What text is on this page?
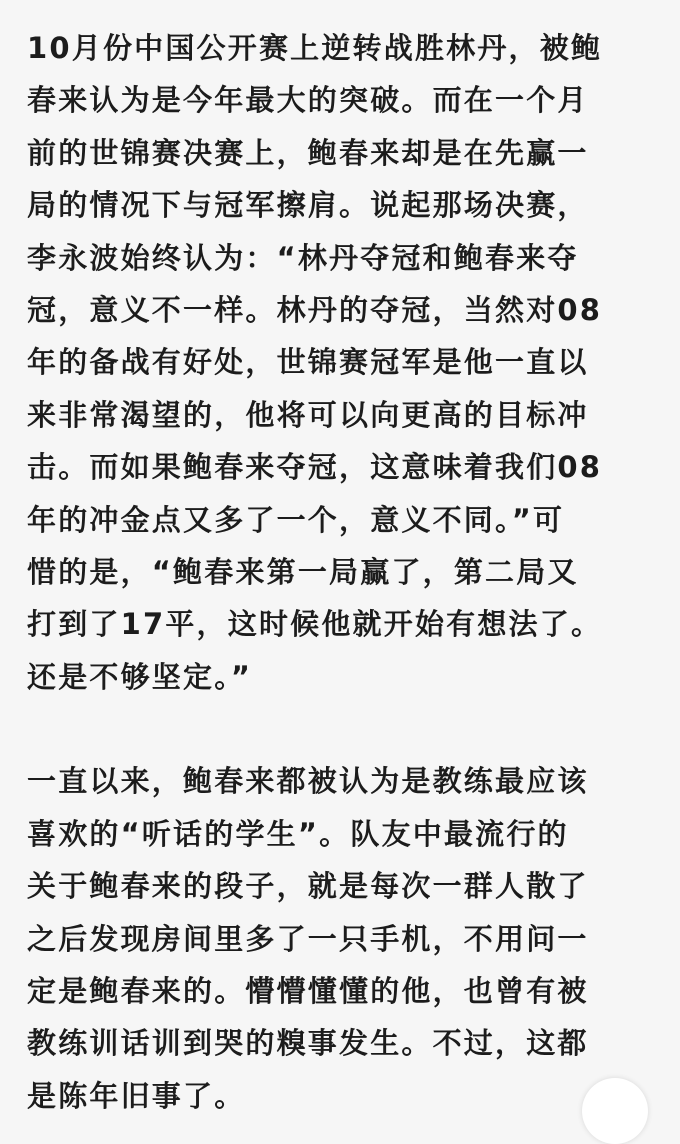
10月份中国公开赛上逆转战胜林丹，被鲍
春来认为是今年最大的突破。而在一个月
前的世锦赛决赛上，鲍春来却是在先赢一
局的情况下与冠军擦肩。说起那场决赛，
李永波始终认为：“林丹夺冠和鲍春来夺
冠，意义不一样。林丹的夺冠，当然对08
年的备战有好处，世锦赛冠军是他一直以
来非常渴望的，他将可以向更高的目标冲
击。而如果鲍春来夺冠，这意味着我们08
年的冲金点又多了一个，意义不同。”可
惜的是，“鲍春来第一局赢了，第二局又
打到了17平，这时候他就开始有想法了。
还是不够坚定。”

一直以来，鲍春来都被认为是教练最应该
喜欢的“听话的学生”。队友中最流行的
关于鲍春来的段子，就是每次一群人散了
之后发现房间里多了一只手机，不用问一
定是鲍春来的。懵懵懂懂的他，也曾有被
教练训话训到哭的糗事发生。不过，这都
是陈年旧事了。
